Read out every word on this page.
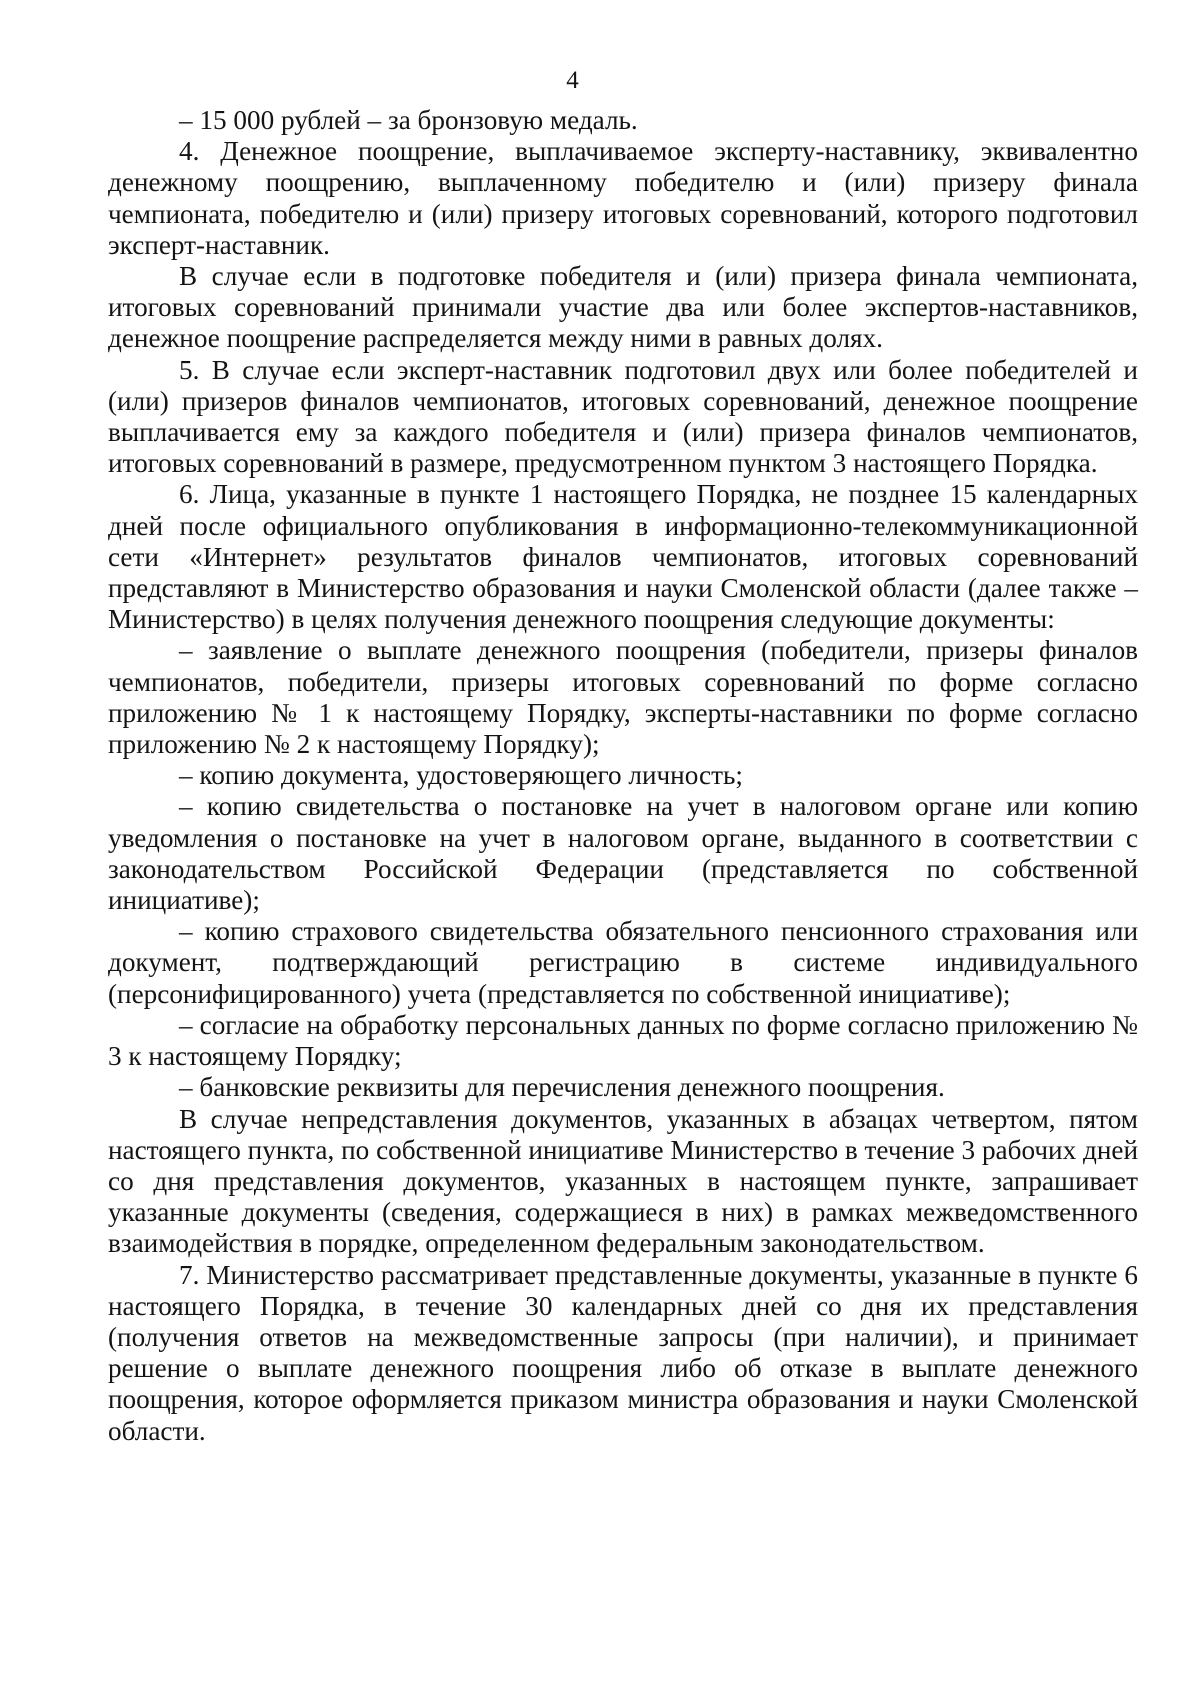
4

– 15 000 рублей – за бронзовую медаль.

4. Денежное поощрение, выплачиваемое эксперту-наставнику, эквивалентно денежному поощрению, выплаченному победителю и (или) призеру финала чемпионата, победителю и (или) призеру итоговых соревнований, которого подготовил эксперт-наставник.

В случае если в подготовке победителя и (или) призера финала чемпионата, итоговых соревнований принимали участие два или более экспертов-наставников, денежное поощрение распределяется между ними в равных долях.

5. В случае если эксперт-наставник подготовил двух или более победителей и (или) призеров финалов чемпионатов, итоговых соревнований, денежное поощрение выплачивается ему за каждого победителя и (или) призера финалов чемпионатов, итоговых соревнований в размере, предусмотренном пунктом 3 настоящего Порядка.

6. Лица, указанные в пункте 1 настоящего Порядка, не позднее 15 календарных дней после официального опубликования в информационно-телекоммуникационной сети «Интернет» результатов финалов чемпионатов, итоговых соревнований представляют в Министерство образования и науки Смоленской области (далее также – Министерство) в целях получения денежного поощрения следующие документы:

– заявление о выплате денежного поощрения (победители, призеры финалов чемпионатов, победители, призеры итоговых соревнований по форме согласно приложению № 1 к настоящему Порядку, эксперты-наставники по форме согласно приложению № 2 к настоящему Порядку);

– копию документа, удостоверяющего личность;

– копию свидетельства о постановке на учет в налоговом органе или копию уведомления о постановке на учет в налоговом органе, выданного в соответствии с законодательством Российской Федерации (представляется по собственной инициативе);

– копию страхового свидетельства обязательного пенсионного страхования или документ, подтверждающий регистрацию в системе индивидуального (персонифицированного) учета (представляется по собственной инициативе);

– согласие на обработку персональных данных по форме согласно приложению № 3 к настоящему Порядку;

– банковские реквизиты для перечисления денежного поощрения.

В случае непредставления документов, указанных в абзацах четвертом, пятом настоящего пункта, по собственной инициативе Министерство в течение 3 рабочих дней со дня представления документов, указанных в настоящем пункте, запрашивает указанные документы (сведения, содержащиеся в них) в рамках межведомственного взаимодействия в порядке, определенном федеральным законодательством.

7. Министерство рассматривает представленные документы, указанные в пункте 6 настоящего Порядка, в течение 30 календарных дней со дня их представления (получения ответов на межведомственные запросы (при наличии), и принимает решение о выплате денежного поощрения либо об отказе в выплате денежного поощрения, которое оформляется приказом министра образования и науки Смоленской области.
